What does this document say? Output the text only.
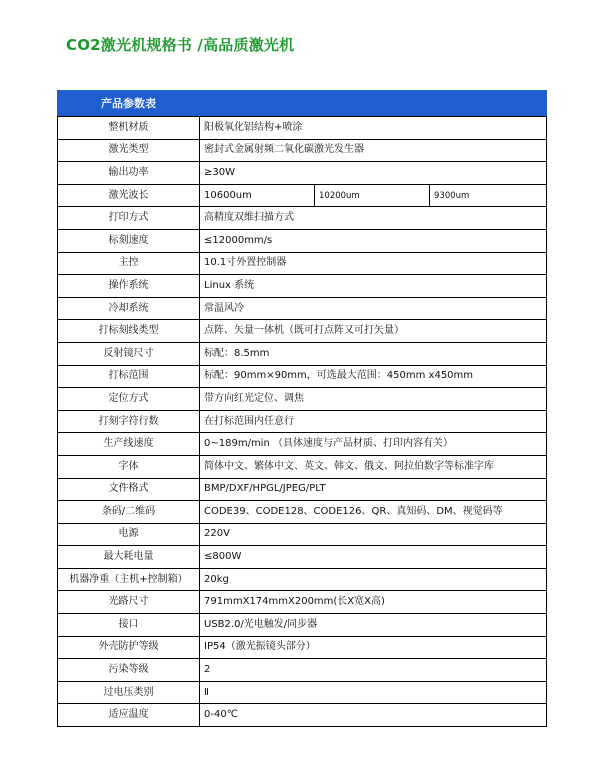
CO2激光机规格书 /高品质激光机
产品参数表			
整机材质	阳极氧化铝结构+喷涂		
激光类型	密封式金属射频二氧化碳激光发生器		
输出功率	≥30W		
激光波长	10600um	10200um	9300um
打印方式	高精度双维扫描方式		
标刻速度	≤12000mm/s		
主控	10.1寸外置控制器		
操作系统	Linux 系统		
冷却系统	常温风冷		
打标刻线类型	点阵、矢量一体机（既可打点阵又可打矢量）		
反射镜尺寸	标配：8.5mm		
打标范围	标配：90mm×90mm，可选最大范围：450mm x450mm		
定位方式	带方向红光定位、调焦		
打刻字符行数	在打标范围内任意行		
生产线速度	0~189m/min （具体速度与产品材质、打印内容有关）		
字体	简体中文、繁体中文、英文、韩文、俄文、阿拉伯数字等标准字库		
文件格式	BMP/DXF/HPGL/JPEG/PLT		
条码/二维码	CODE39、CODE128、CODE126、QR、真知码、DM、视觉码等		
电源	220V		
最大耗电量	≤800W		
机器净重（主机+控制箱）	20kg		
光路尺寸	791mmX174mmX200mm(长X宽X高)		
接口	USB2.0/光电触发/同步器		
外壳防护等级	IP54（激光振镜头部分）		
污染等级	2		
过电压类别	Ⅱ		
适应温度	0-40℃		
